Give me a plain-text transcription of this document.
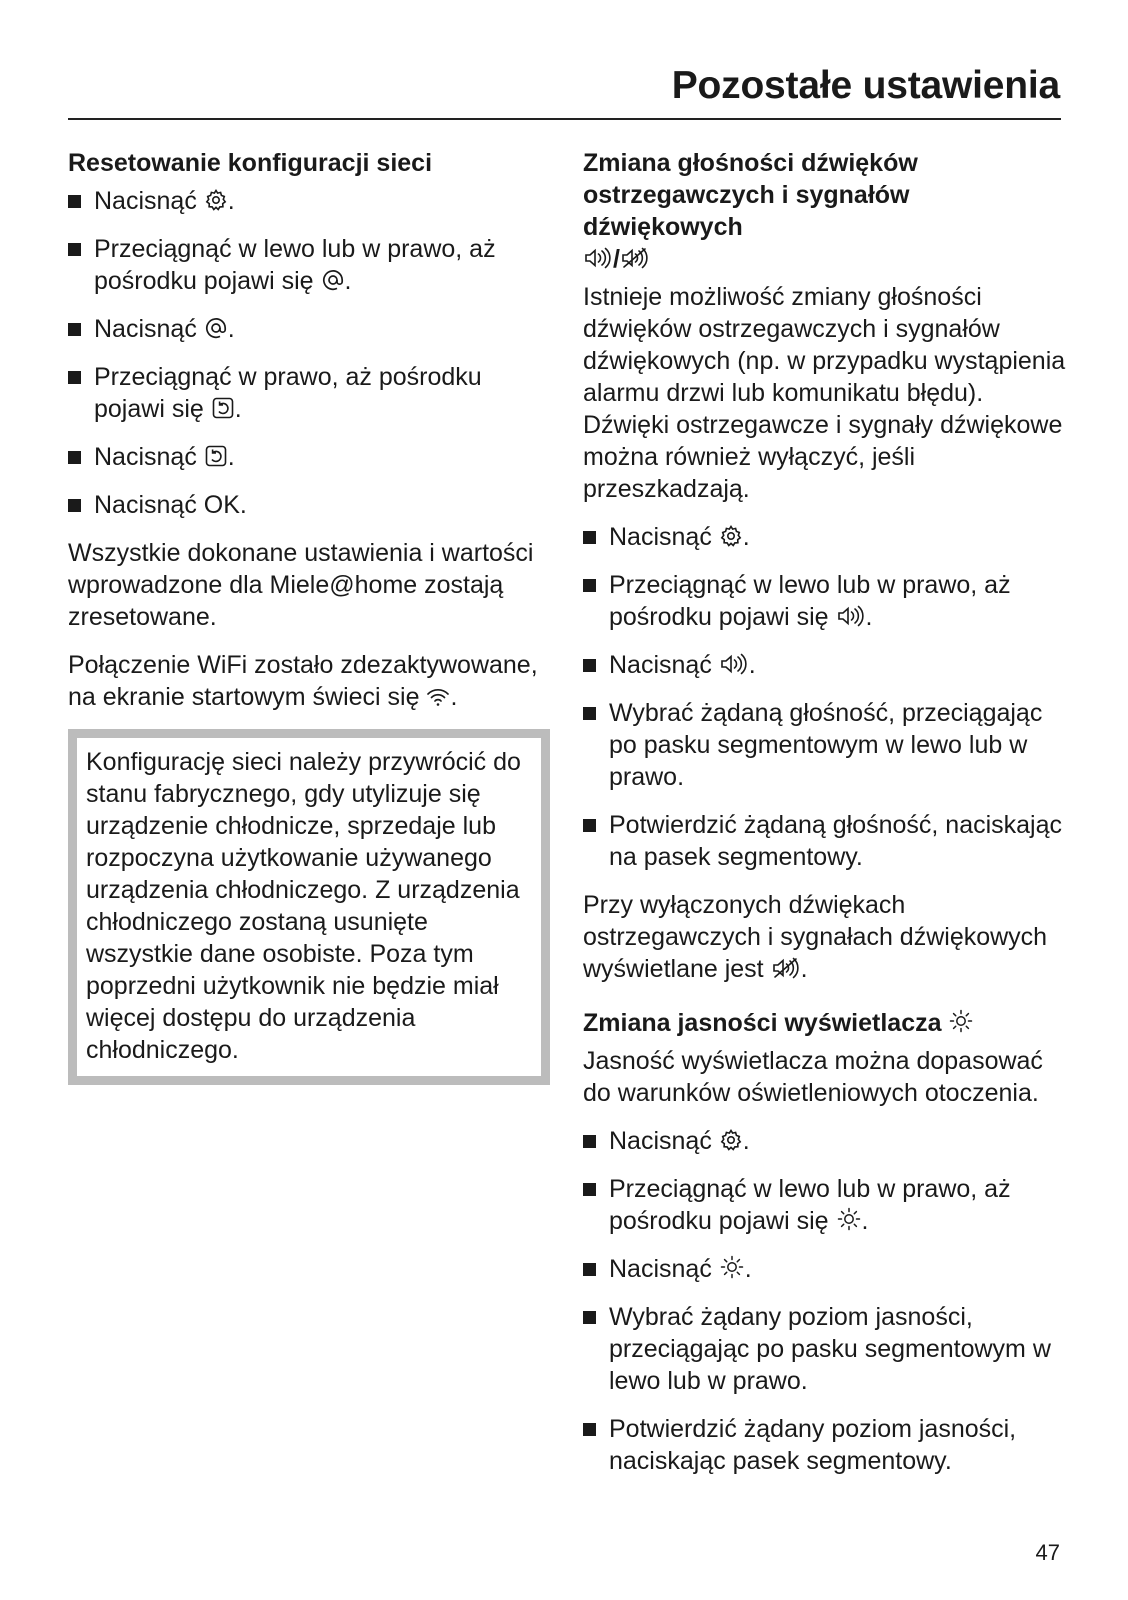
Pozostałe ustawienia
Resetowanie konfiguracji sieci
Nacisnąć .
Przeciągnąć w lewo lub w prawo, aż pośrodku pojawi się .
Nacisnąć .
Przeciągnąć w prawo, aż pośrodku pojawi się .
Nacisnąć .
Nacisnąć OK.

Wszystkie dokonane ustawienia i wartości wprowadzone dla Miele@home zostają zresetowane.

Połączenie WiFi zostało zdezaktywowane, na ekranie startowym świeci się .

Konfigurację sieci należy przywrócić do stanu fabrycznego, gdy utylizuje się urządzenie chłodnicze, sprzedaje lub rozpoczyna użytkowanie używanego urządzenia chłodniczego. Z urządzenia chłodniczego zostaną usunięte wszystkie dane osobiste. Poza tym poprzedni użytkownik nie będzie miał więcej dostępu do urządzenia chłodniczego.

Zmiana głośności dźwięków ostrzegawczych i sygnałów dźwiękowych
/

Istnieje możliwość zmiany głośności dźwięków ostrzegawczych i sygnałów dźwiękowych (np. w przypadku wystąpienia alarmu drzwi lub komunikatu błędu). Dźwięki ostrzegawcze i sygnały dźwiękowe można również wyłączyć, jeśli przeszkadzają.

Nacisnąć .
Przeciągnąć w lewo lub w prawo, aż pośrodku pojawi się .
Nacisnąć .
Wybrać żądaną głośność, przeciągając po pasku segmentowym w lewo lub w prawo.
Potwierdzić żądaną głośność, naciskając na pasek segmentowy.

Przy wyłączonych dźwiękach ostrzegawczych i sygnałach dźwiękowych wyświetlane jest .

Zmiana jasności wyświetlacza

Jasność wyświetlacza można dopasować do warunków oświetleniowych otoczenia.

Nacisnąć .
Przeciągnąć w lewo lub w prawo, aż pośrodku pojawi się .
Nacisnąć .
Wybrać żądany poziom jasności, przeciągając po pasku segmentowym w lewo lub w prawo.
Potwierdzić żądany poziom jasności, naciskając pasek segmentowy.

47
